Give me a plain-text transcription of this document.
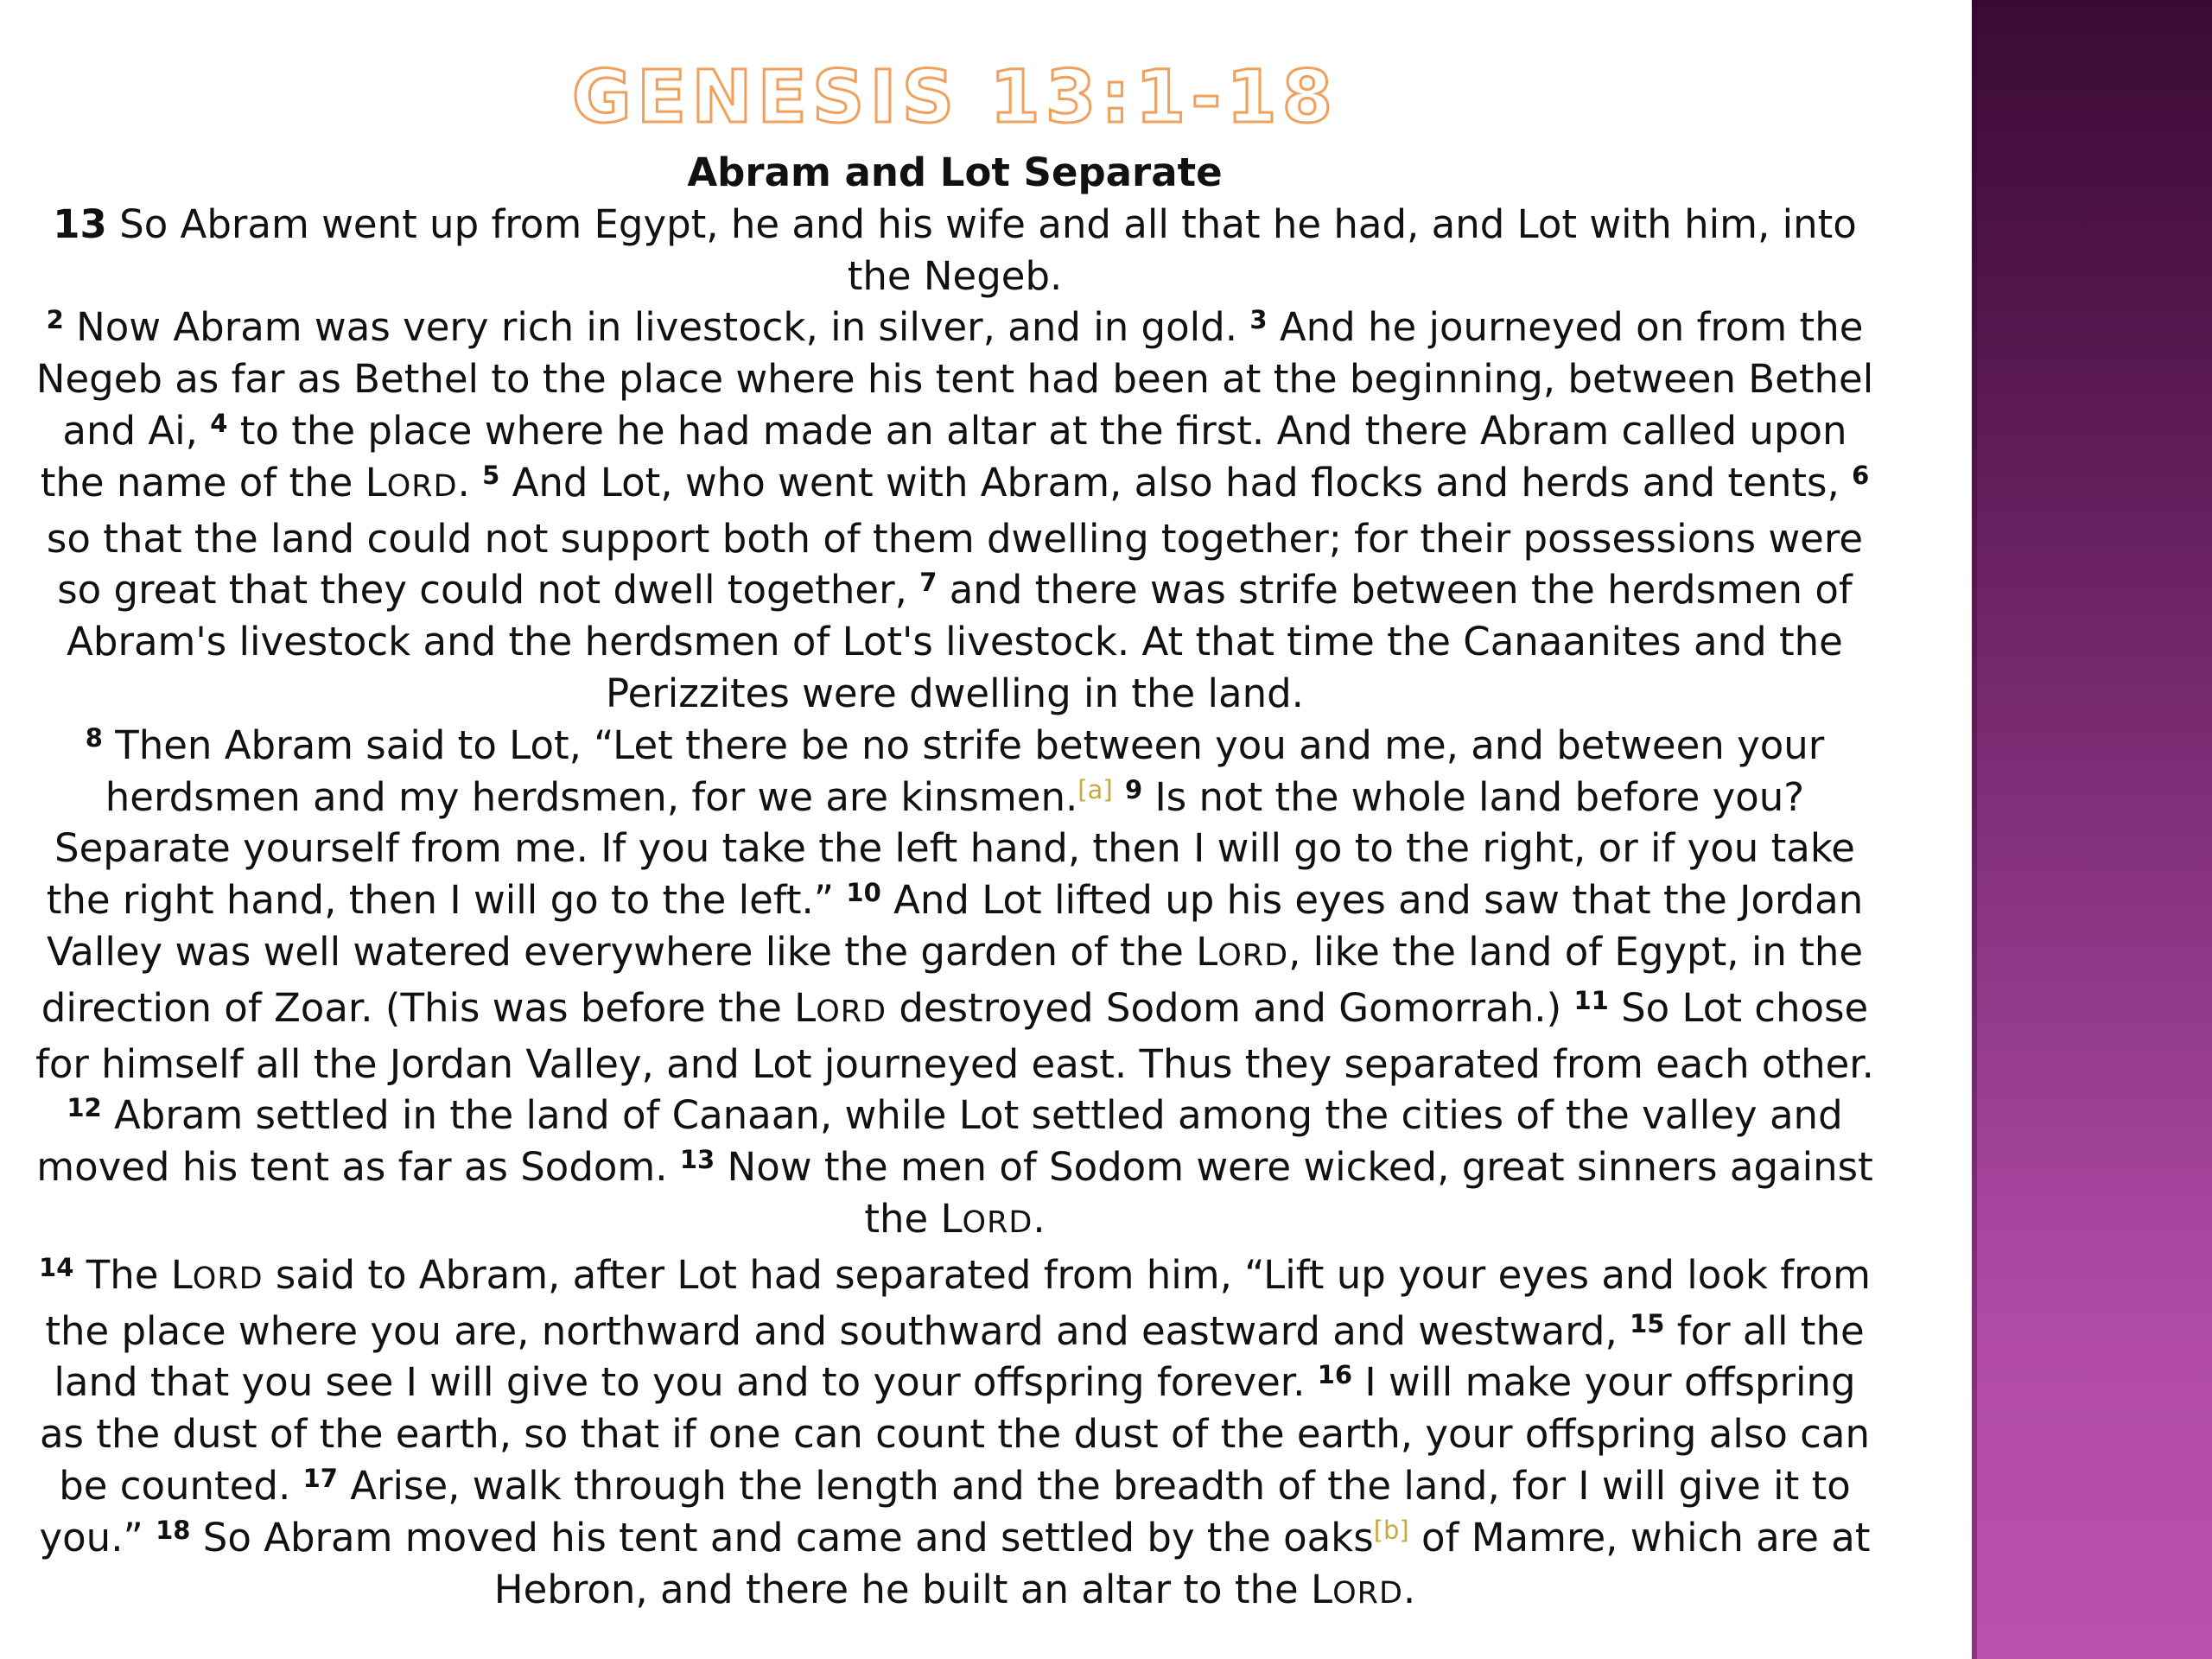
GENESIS 13:1-18
Abram and Lot Separate
13 So Abram went up from Egypt, he and his wife and all that he had, and Lot with him, into the Negeb.
$^2$ Now Abram was very rich in livestock, in silver, and in gold. $^3$ And he journeyed on from the Negeb as far as Bethel to the place where his tent had been at the beginning, between Bethel and Ai, $^4$ to the place where he had made an altar at the first. And there Abram called upon the name of the LORD. $^5$ And Lot, who went with Abram, also had flocks and herds and tents, $^6$ so that the land could not support both of them dwelling together; for their possessions were so great that they could not dwell together, $^7$ and there was strife between the herdsmen of Abram's livestock and the herdsmen of Lot's livestock. At that time the Canaanites and the Perizzites were dwelling in the land.
$^8$ Then Abram said to Lot, “Let there be no strife between you and me, and between your herdsmen and my herdsmen, for we are kinsmen.[a] $^9$ Is not the whole land before you? Separate yourself from me. If you take the left hand, then I will go to the right, or if you take the right hand, then I will go to the left.” $^{10}$ And Lot lifted up his eyes and saw that the Jordan Valley was well watered everywhere like the garden of the LORD, like the land of Egypt, in the direction of Zoar. (This was before the LORD destroyed Sodom and Gomorrah.) $^{11}$ So Lot chose for himself all the Jordan Valley, and Lot journeyed east. Thus they separated from each other. $^{12}$ Abram settled in the land of Canaan, while Lot settled among the cities of the valley and moved his tent as far as Sodom. $^{13}$ Now the men of Sodom were wicked, great sinners against the LORD.
$^{14}$ The LORD said to Abram, after Lot had separated from him, “Lift up your eyes and look from the place where you are, northward and southward and eastward and westward, $^{15}$ for all the land that you see I will give to you and to your offspring forever. $^{16}$ I will make your offspring as the dust of the earth, so that if one can count the dust of the earth, your offspring also can be counted. $^{17}$ Arise, walk through the length and the breadth of the land, for I will give it to you.” $^{18}$ So Abram moved his tent and came and settled by the oaks[b] of Mamre, which are at Hebron, and there he built an altar to the LORD.
